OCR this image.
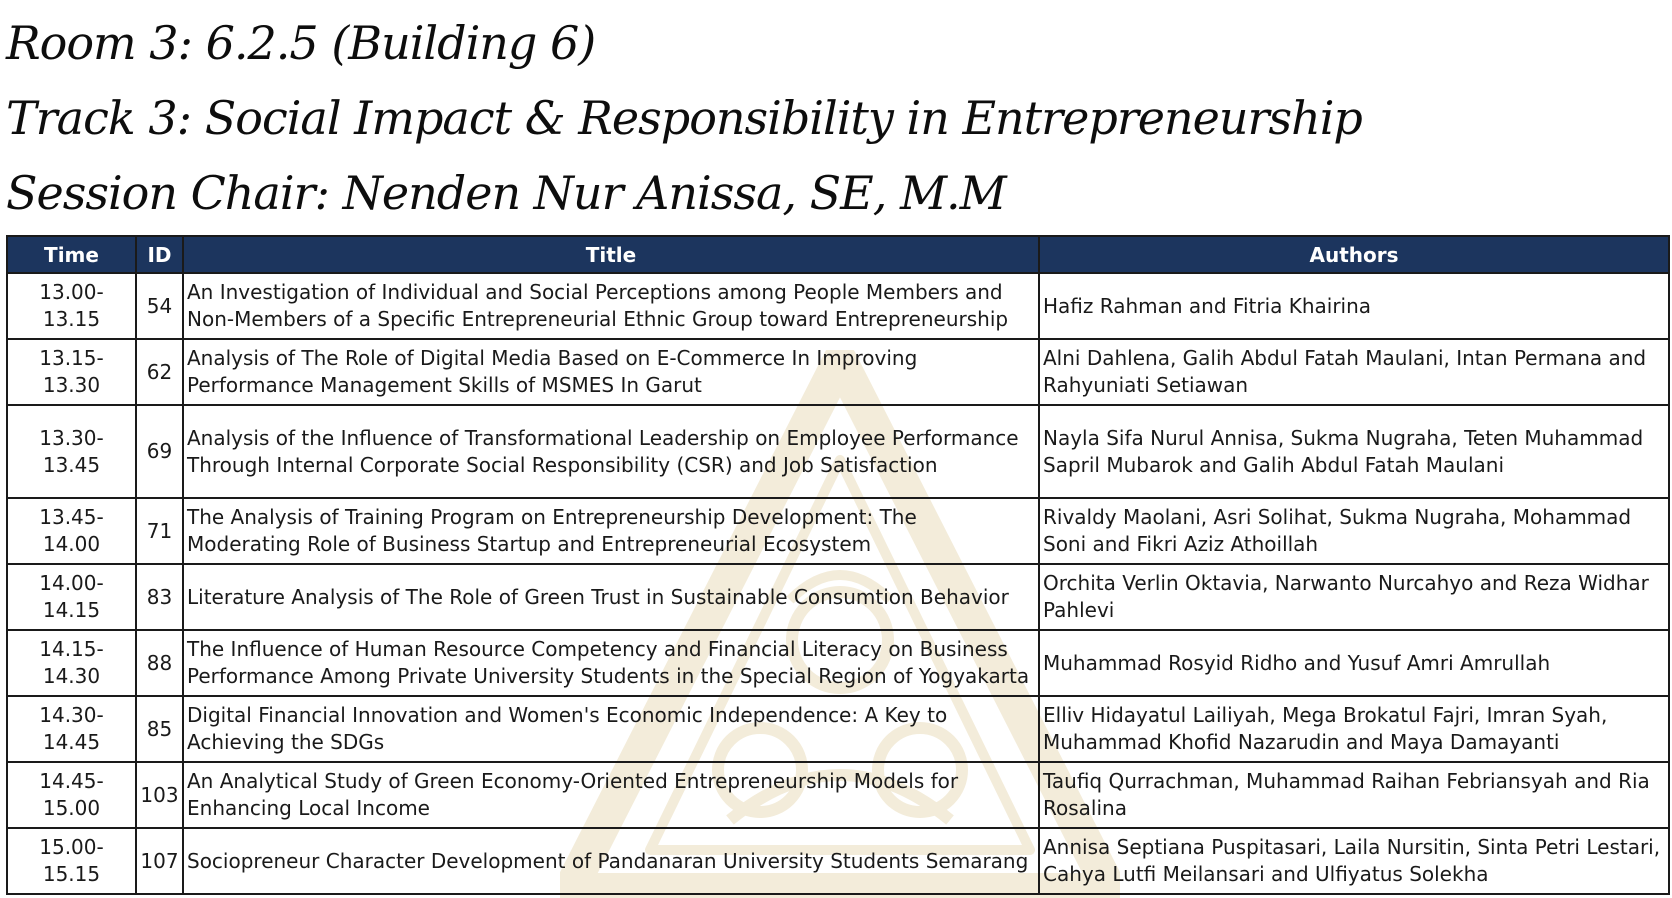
Room 3: 6.2.5 (Building 6)
Track 3: Social Impact & Responsibility in Entrepreneurship
Session Chair: Nenden Nur Anissa, SE, M.M
Time	ID	Title	Authors
13.00-13.15	54	An Investigation of Individual and Social Perceptions among People Members and Non-Members of a Specific Entrepreneurial Ethnic Group toward Entrepreneurship	Hafiz Rahman and Fitria Khairina
13.15-13.30	62	Analysis of The Role of Digital Media Based on E-Commerce In Improving Performance Management Skills of MSMES In Garut	Alni Dahlena, Galih Abdul Fatah Maulani, Intan Permana and Rahyuniati Setiawan
13.30-13.45	69	Analysis of the Influence of Transformational Leadership on Employee Performance Through Internal Corporate Social Responsibility (CSR) and Job Satisfaction	Nayla Sifa Nurul Annisa, Sukma Nugraha, Teten Muhammad Sapril Mubarok and Galih Abdul Fatah Maulani
13.45-14.00	71	The Analysis of Training Program on Entrepreneurship Development: The Moderating Role of Business Startup and Entrepreneurial Ecosystem	Rivaldy Maolani, Asri Solihat, Sukma Nugraha, Mohammad Soni and Fikri Aziz Athoillah
14.00-14.15	83	Literature Analysis of The Role of Green Trust in Sustainable Consumtion Behavior	Orchita Verlin Oktavia, Narwanto Nurcahyo and Reza Widhar Pahlevi
14.15-14.30	88	The Influence of Human Resource Competency and Financial Literacy on Business Performance Among Private University Students in the Special Region of Yogyakarta	Muhammad Rosyid Ridho and Yusuf Amri Amrullah
14.30-14.45	85	Digital Financial Innovation and Women's Economic Independence: A Key to Achieving the SDGs	Elliv Hidayatul Lailiyah, Mega Brokatul Fajri, Imran Syah, Muhammad Khofid Nazarudin and Maya Damayanti
14.45-15.00	103	An Analytical Study of Green Economy-Oriented Entrepreneurship Models for Enhancing Local Income	Taufiq Qurrachman, Muhammad Raihan Febriansyah and Ria Rosalina
15.00-15.15	107	Sociopreneur Character Development of Pandanaran University Students Semarang	Annisa Septiana Puspitasari, Laila Nursitin, Sinta Petri Lestari, Cahya Lutfi Meilansari and Ulfiyatus Solekha
